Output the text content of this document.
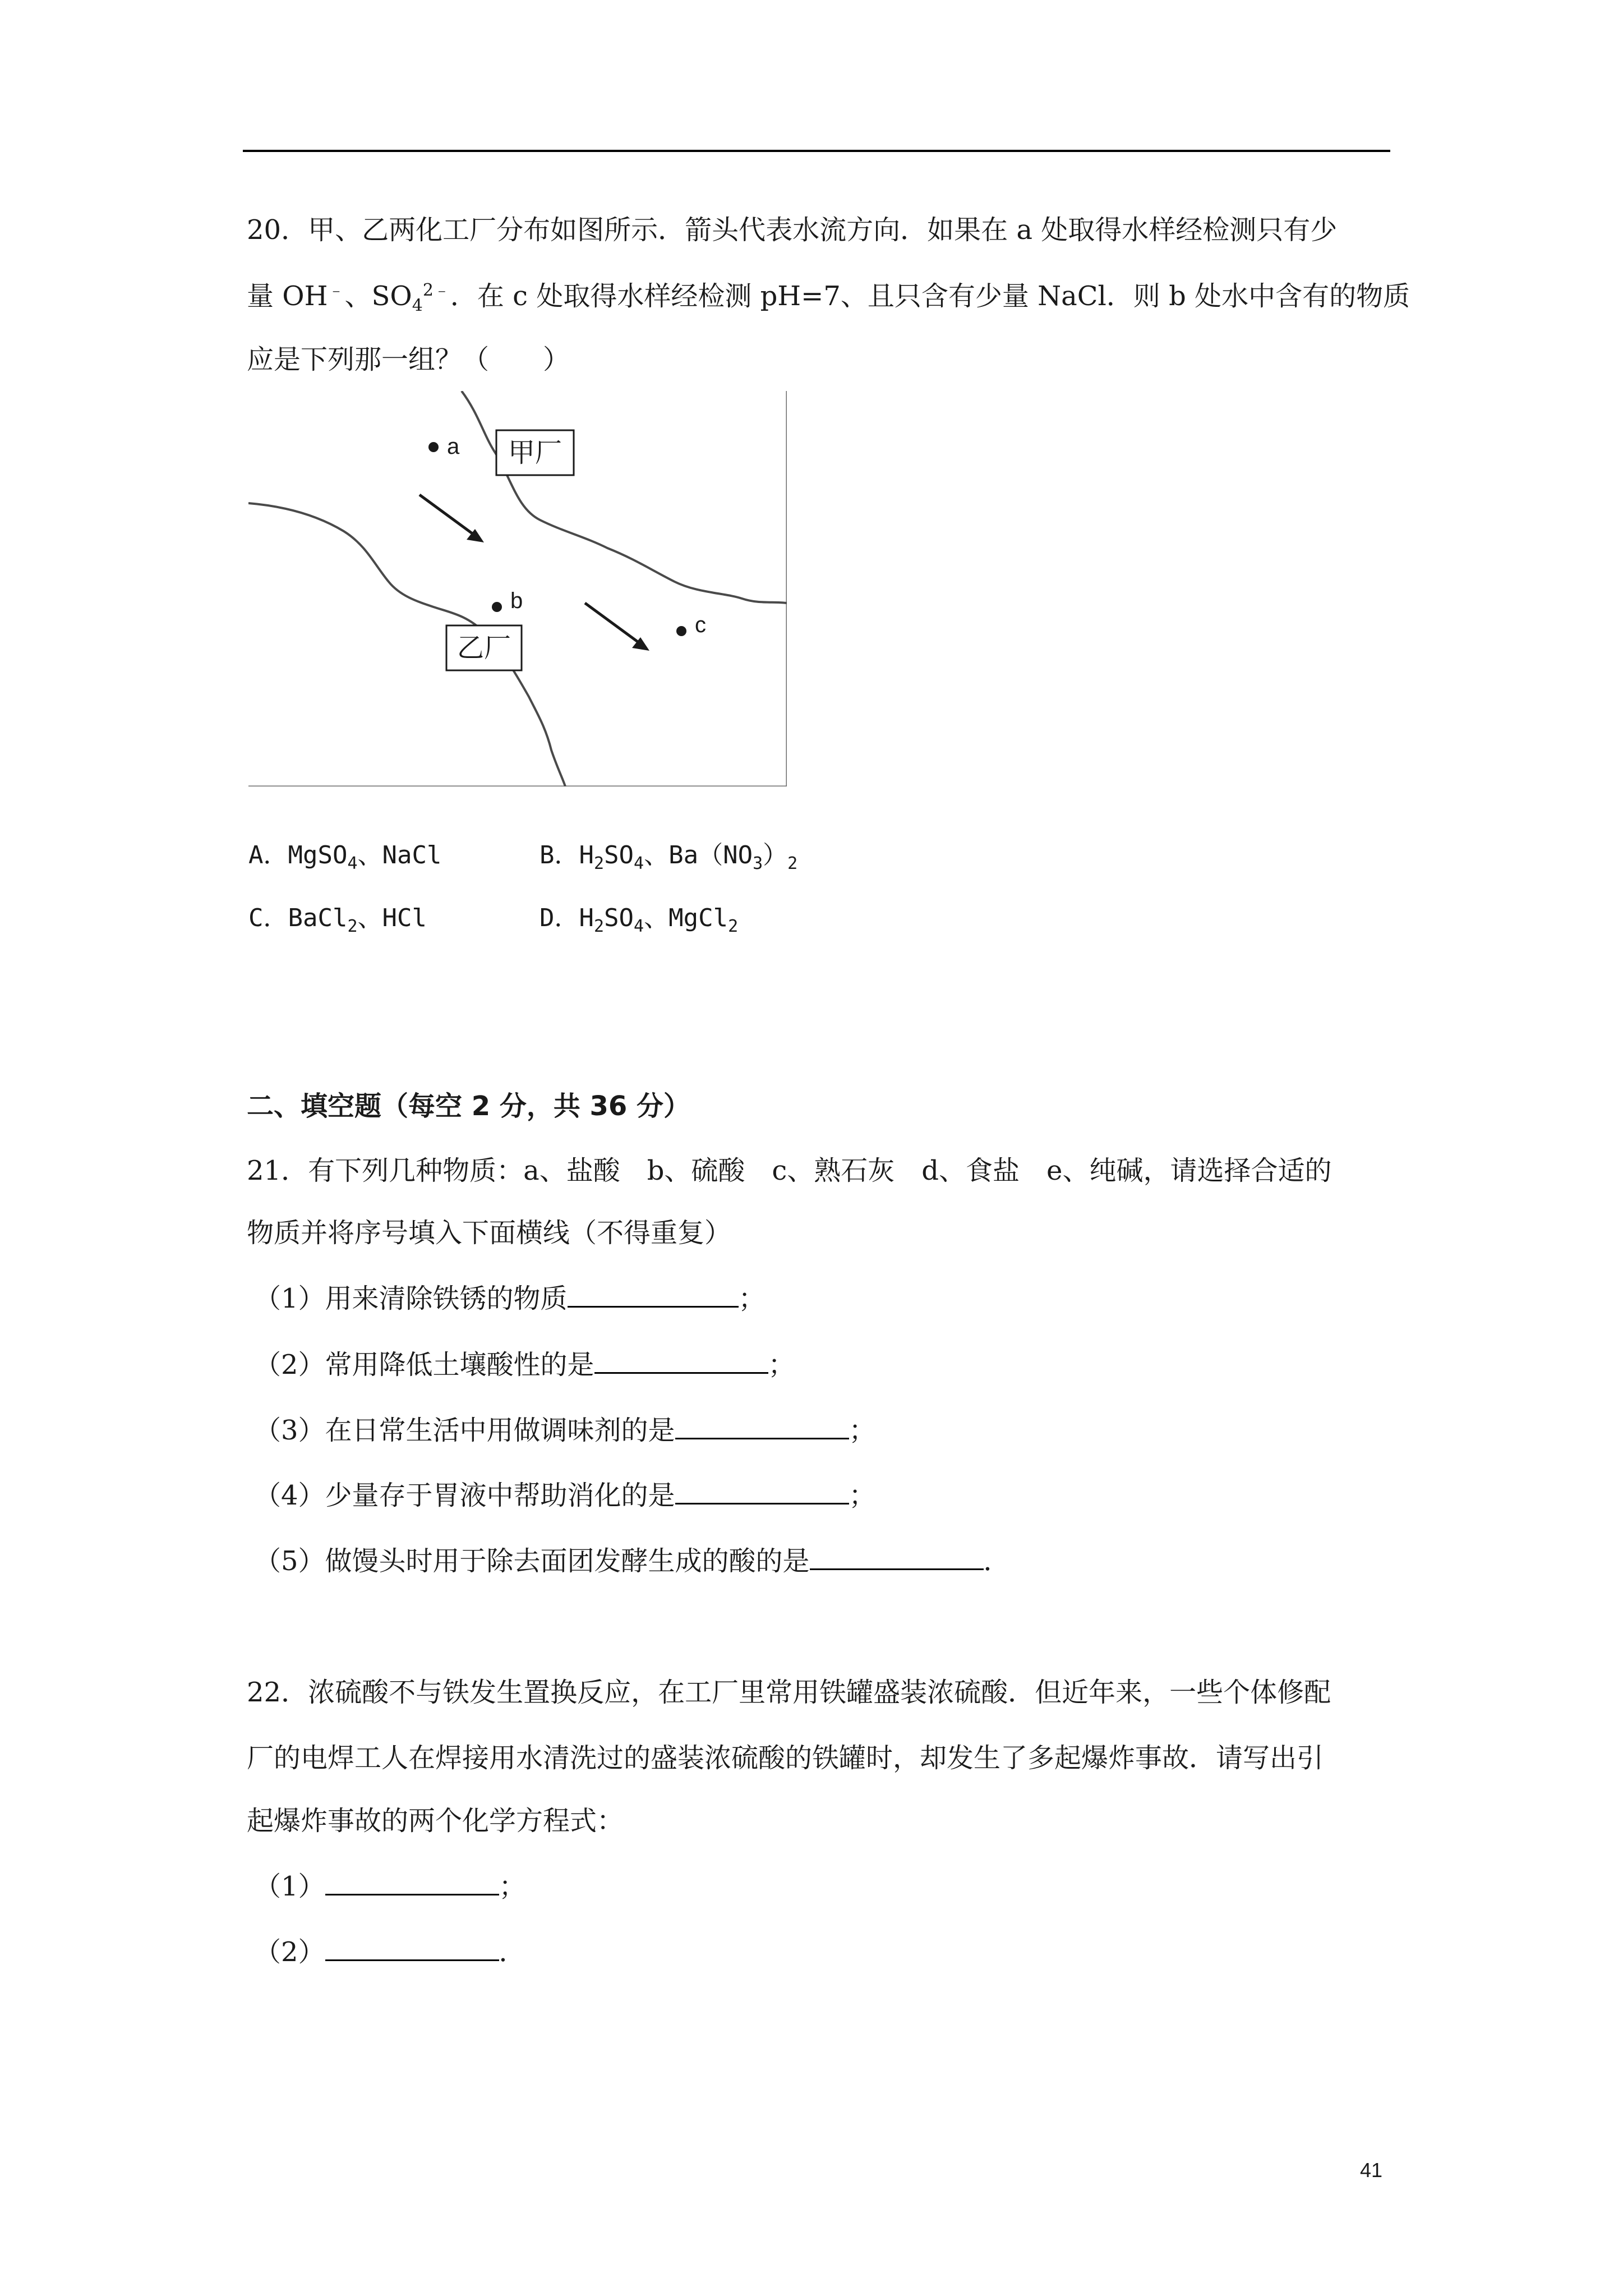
20．甲、乙两化工厂分布如图所示．箭头代表水流方向．如果在 a 处取得水样经检测只有少
量 OH﹣、$SO_4^{2﹣}$．在 c 处取得水样经检测 pH=7、且只含有少量 NaCl．则 b 处水中含有的物质
应是下列那一组？（　　）
a
b
c
甲厂
乙厂
A．MgSO$_4$、NaCl	B．$H_2SO_4$、$Ba(NO_3)_2$
C．BaCl$_2$、HCl	D．$H_2SO_4$、MgCl$_2$
二、填空题（每空 2 分，共 36 分）
21．有下列几种物质：a、盐酸　b、硫酸　c、熟石灰　d、食盐　e、纯碱，请选择合适的
物质并将序号填入下面横线（不得重复）
（1）用来清除铁锈的物质	；
（2）常用降低土壤酸性的是	；
（3）在日常生活中用做调味剂的是	；
（4）少量存于胃液中帮助消化的是	；
（5）做馒头时用于除去面团发酵生成的酸的是	．
22．浓硫酸不与铁发生置换反应，在工厂里常用铁罐盛装浓硫酸．但近年来，一些个体修配
厂的电焊工人在焊接用水清洗过的盛装浓硫酸的铁罐时，却发生了多起爆炸事故．请写出引
起爆炸事故的两个化学方程式：
（1）	；
（2）	．
41
